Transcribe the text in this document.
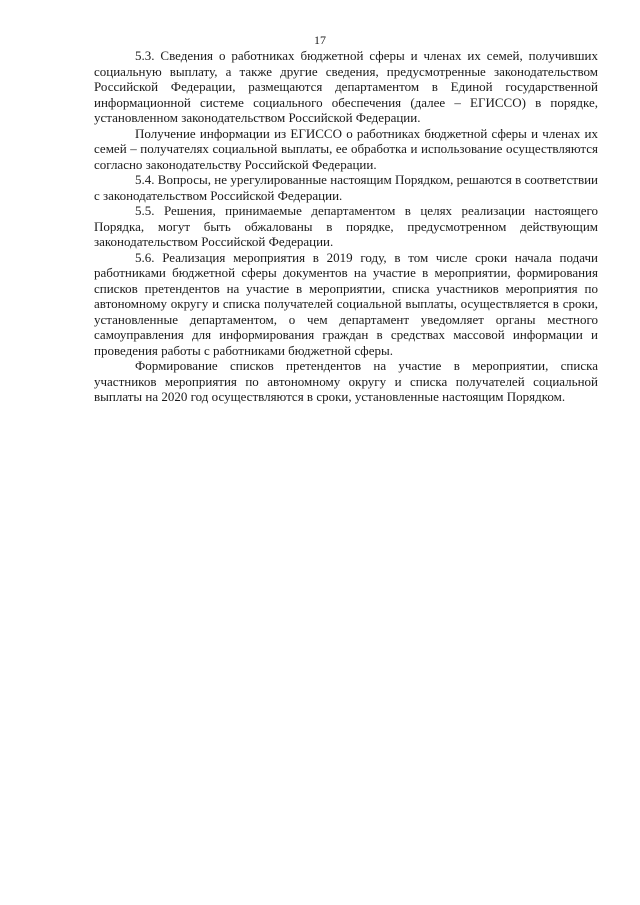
17

5.3. Сведения о работниках бюджетной сферы и членах их семей, получивших социальную выплату, а также другие сведения, предусмотренные законодательством Российской Федерации, размещаются департаментом в Единой государственной информационной системе социального обеспечения (далее – ЕГИССО) в порядке, установленном законодательством Российской Федерации.

Получение информации из ЕГИССО о работниках бюджетной сферы и членах их семей – получателях социальной выплаты, ее обработка и использование осуществляются согласно законодательству Российской Федерации.

5.4. Вопросы, не урегулированные настоящим Порядком, решаются в соответствии с законодательством Российской Федерации.

5.5. Решения, принимаемые департаментом в целях реализации настоящего Порядка, могут быть обжалованы в порядке, предусмотренном действующим законодательством Российской Федерации.

5.6. Реализация мероприятия в 2019 году, в том числе сроки начала подачи работниками бюджетной сферы документов на участие в мероприятии, формирования списков претендентов на участие в мероприятии, списка участников мероприятия по автономному округу и списка получателей социальной выплаты, осуществляется в сроки, установленные департаментом, о чем департамент уведомляет органы местного самоуправления для информирования граждан в средствах массовой информации и проведения работы с работниками бюджетной сферы.

Формирование списков претендентов на участие в мероприятии, списка участников мероприятия по автономному округу и списка получателей социальной выплаты на 2020 год осуществляются в сроки, установленные настоящим Порядком.
